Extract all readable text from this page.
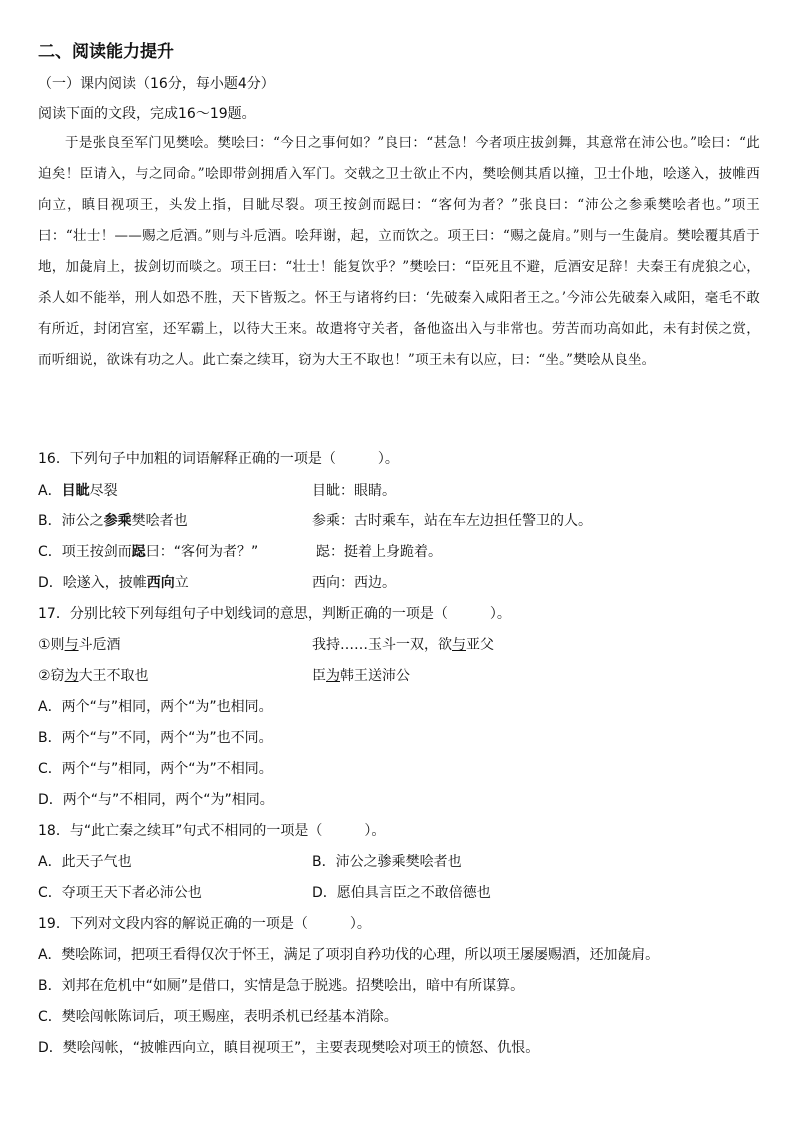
二、阅读能力提升
（一）课内阅读（16分，每小题4分）
阅读下面的文段，完成16～19题。
于是张良至军门见樊哙。樊哙曰：“今日之事何如？”良曰：“甚急！今者项庄拔剑舞，其意常在沛公也。”哙曰：“此迫矣！臣请入，与之同命。”哙即带剑拥盾入军门。交戟之卫士欲止不内，樊哙侧其盾以撞，卫士仆地，哙遂入，披帷西向立，瞋目视项王，头发上指，目眦尽裂。项王按剑而跽曰：“客何为者？”张良曰：“沛公之参乘樊哙者也。”项王曰：“壮士！——赐之卮酒。”则与斗卮酒。哙拜谢，起，立而饮之。项王曰：“赐之彘肩。”则与一生彘肩。樊哙覆其盾于地，加彘肩上，拔剑切而啖之。项王曰：“壮士！能复饮乎？”樊哙曰：“臣死且不避，卮酒安足辞！夫秦王有虎狼之心，杀人如不能举，刑人如恐不胜，天下皆叛之。怀王与诸将约曰：‘先破秦入咸阳者王之。’今沛公先破秦入咸阳，毫毛不敢有所近，封闭宫室，还军霸上，以待大王来。故遣将守关者，备他盗出入与非常也。劳苦而功高如此，未有封侯之赏，而听细说，欲诛有功之人。此亡秦之续耳，窃为大王不取也！”项王未有以应，曰：“坐。”樊哙从良坐。
16．下列句子中加粗的词语解释正确的一项是（　　　）。
A．目眦尽裂	目眦：眼睛。
B．沛公之参乘樊哙者也	参乘：古时乘车，站在车左边担任警卫的人。
C．项王按剑而跽曰：“客何为者？”	跽：挺着上身跪着。
D．哙遂入，披帷西向立	西向：西边。
17．分别比较下列每组句子中划线词的意思，判断正确的一项是（　　　）。
①则与斗卮酒	我持……玉斗一双，欲与亚父
②窃为大王不取也	臣为韩王送沛公
A．两个“与”相同，两个“为”也相同。
B．两个“与”不同，两个“为”也不同。
C．两个“与”相同，两个“为”不相同。
D．两个“与”不相同，两个“为”相同。
18．与“此亡秦之续耳”句式不相同的一项是（　　　）。
A．此天子气也	B．沛公之骖乘樊哙者也
C．夺项王天下者必沛公也	D．愿伯具言臣之不敢倍德也
19．下列对文段内容的解说正确的一项是（　　　）。
A．樊哙陈词，把项王看得仅次于怀王，满足了项羽自矜功伐的心理，所以项王屡屡赐酒，还加彘肩。
B．刘邦在危机中“如厕”是借口，实情是急于脱逃。招樊哙出，暗中有所谋算。
C．樊哙闯帐陈词后，项王赐座，表明杀机已经基本消除。
D．樊哙闯帐，“披帷西向立，瞋目视项王”，主要表现樊哙对项王的愤怒、仇恨。
